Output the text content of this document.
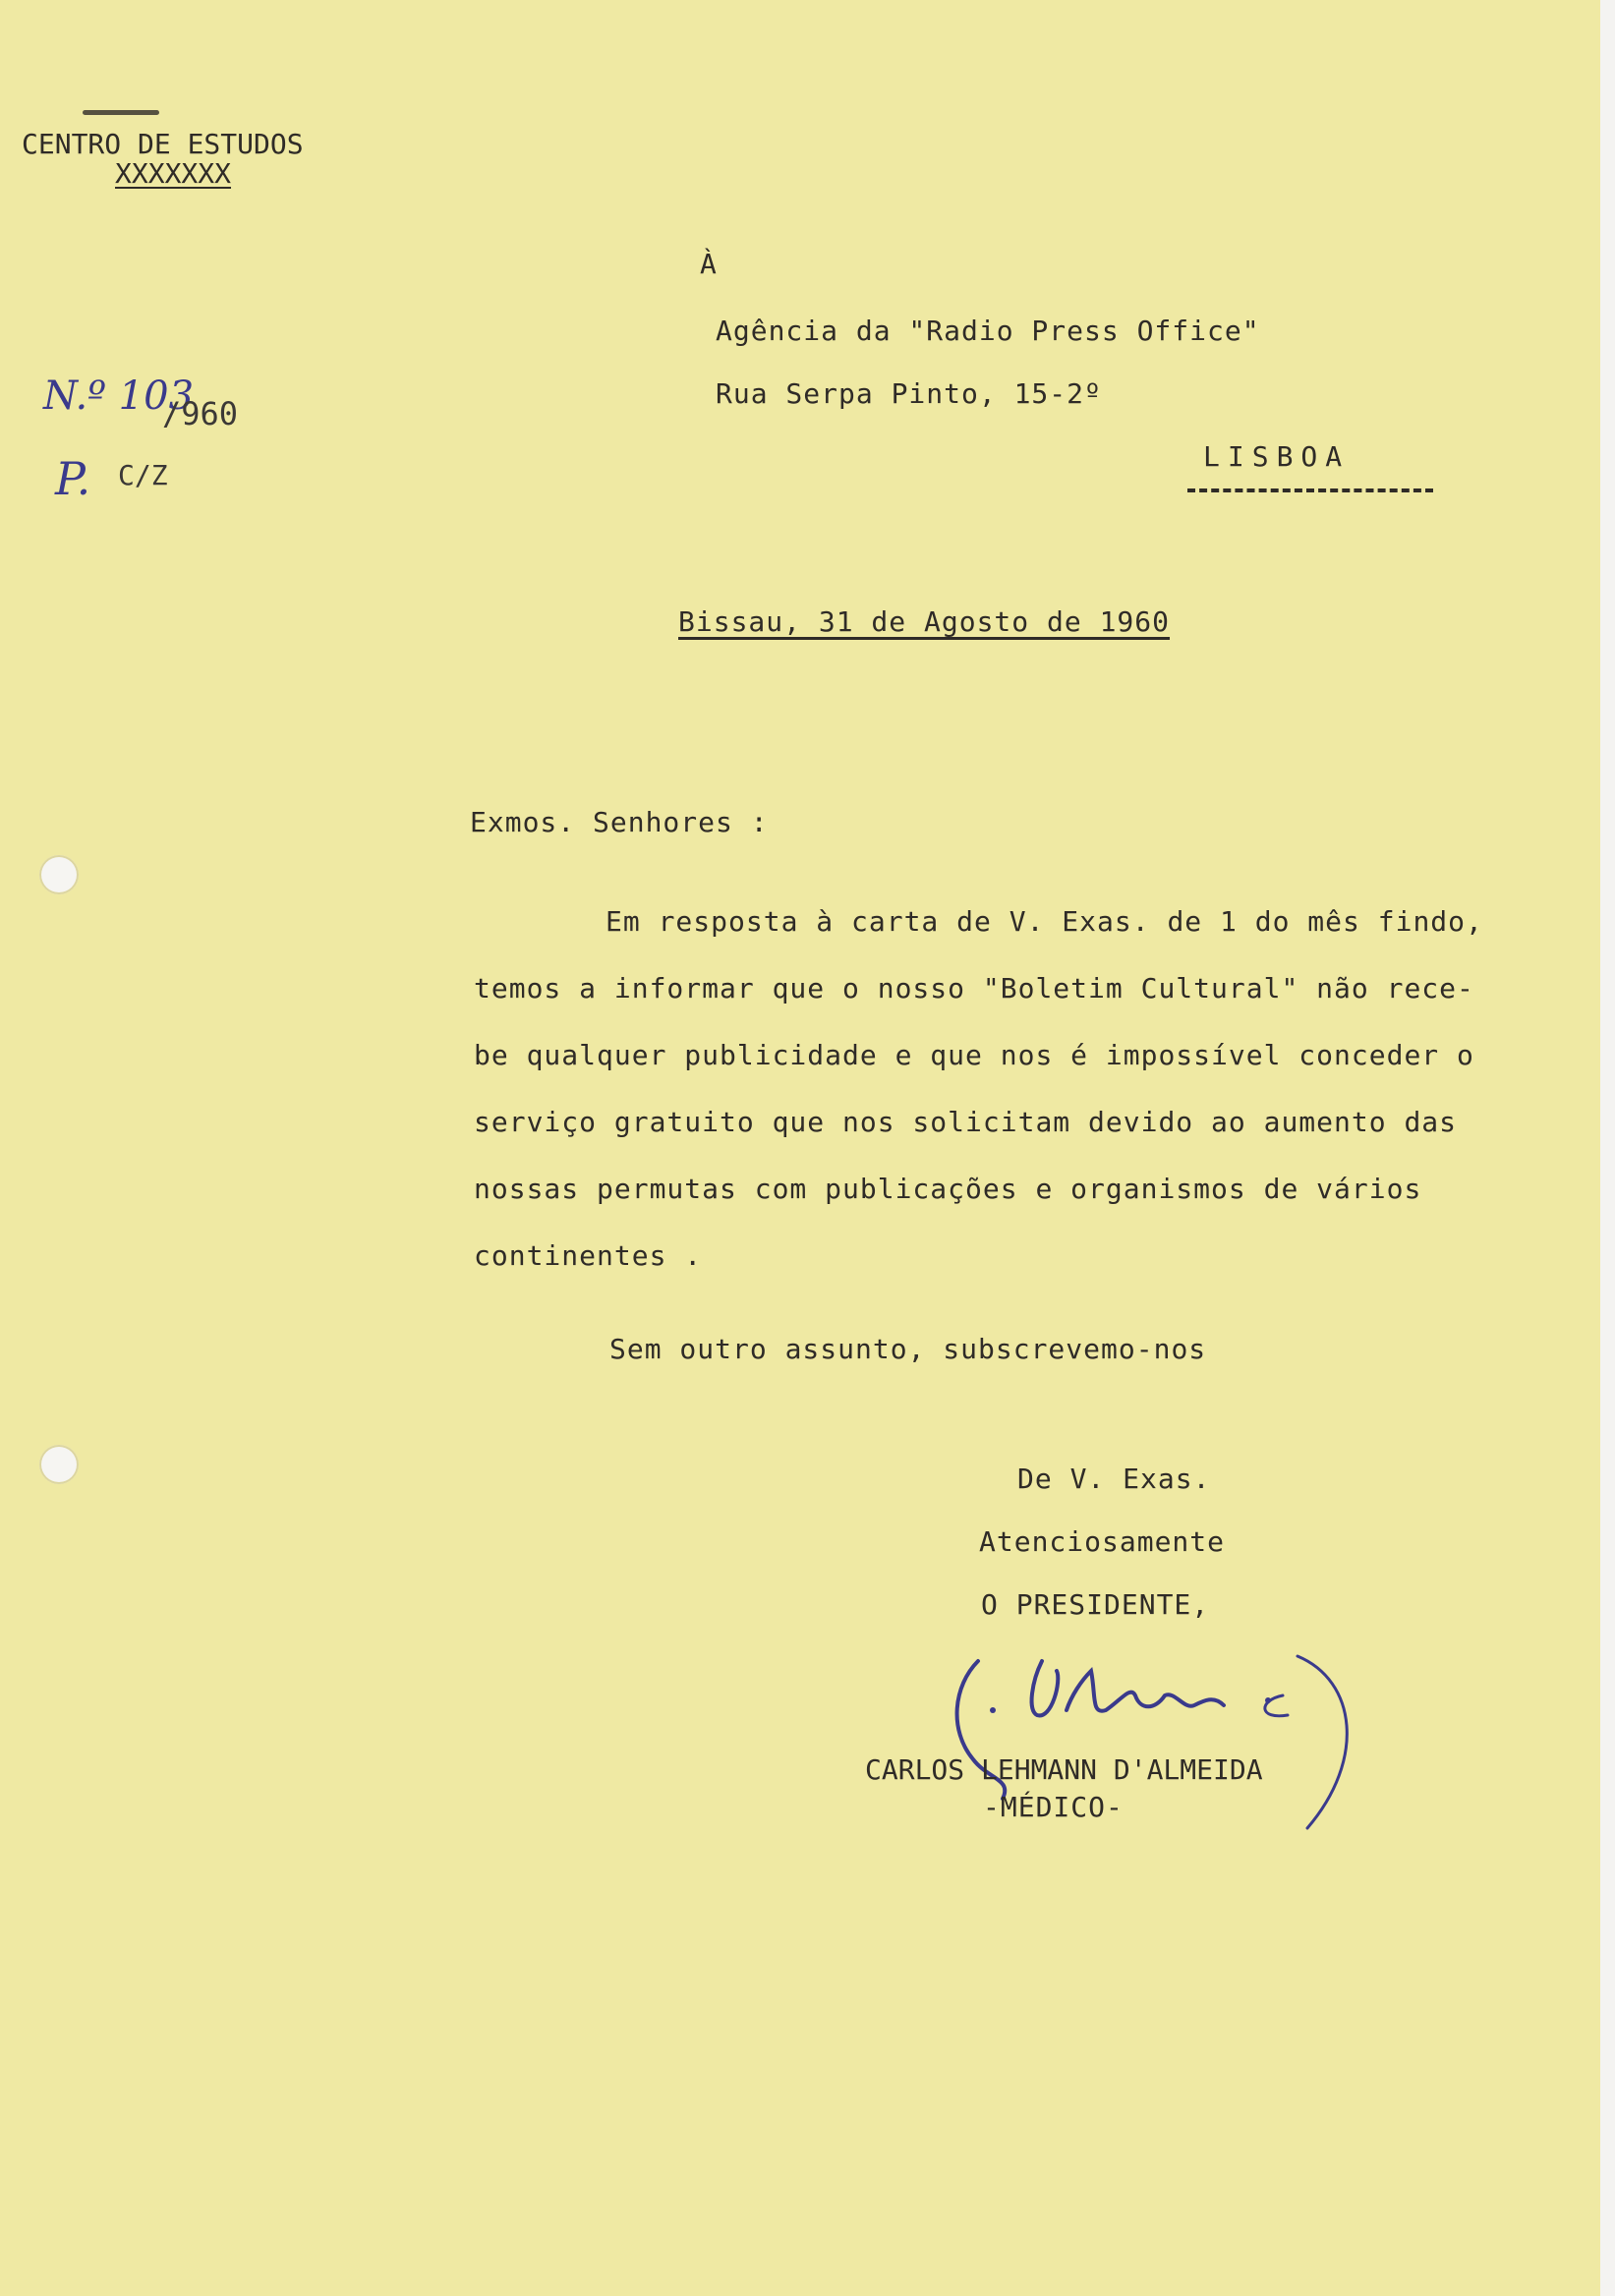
CENTRO DE ESTUDOS
XXXXXXX
N.º 103
/960
P. C/Z
À
Agência da "Radio Press Office"
Rua Serpa Pinto, 15-2º
LISBOA
Bissau, 31 de Agosto de 1960
Exmos. Senhores :
Em resposta à carta de V. Exas. de 1 do mês findo,
temos a informar que o nosso "Boletim Cultural" não rece-
be qualquer publicidade e que nos é impossível conceder o
serviço gratuito que nos solicitam devido ao aumento das
nossas permutas com publicações e organismos de vários
continentes .
Sem outro assunto, subscrevemo-nos
De V. Exas.
Atenciosamente
O PRESIDENTE,
CARLOS LEHMANN D'ALMEIDA
-MÉDICO-
